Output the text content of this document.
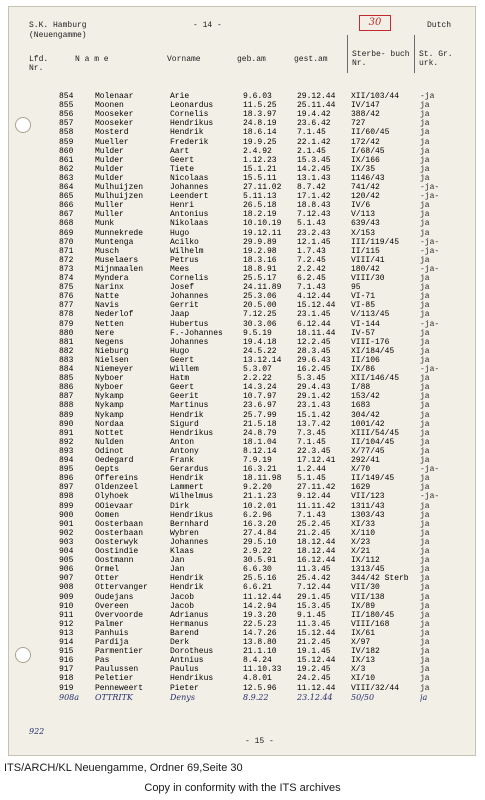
S.K. Hamburg
(Neuengamme)
- 14 -	30	Dutch
Lfd. Nr.
N a m e	Vorname	geb.am	gest.am
Sterbe- buch Nr.
St. Gr. urk.
854	Molenaar	Arie	9.6.03	29.12.44	XII/103/44	-ja
855	Moonen	Leonardus	11.5.25	25.11.44	IV/147	ja
856	Mooseker	Cornelis	18.3.97	19.4.42	388/42	ja
857	Mooseker	Hendrikus	24.8.19	23.6.42	727	ja
858	Mosterd	Hendrik	18.6.14	7.1.45	II/60/45	ja
859	Mueller	Frederik	19.9.25	22.1.42	172/42	ja
860	Mulder	Aart	2.4.92	2.1.45	I/68/45	ja
861	Mulder	Geert	1.12.23	15.3.45	IX/166	ja
862	Mulder	Tiete	15.1.21	14.2.45	IX/35	ja
863	Mulder	Nicolaas	15.5.11	13.1.43	1146/43	ja
864	Mulhuijzen	Johannes	27.11.02	8.7.42	741/42	-ja-
865	Mulhuijzen	Leendert	5.11.13	17.1.42	120/42	-ja-
866	Muller	Henri	26.5.18	18.8.43	IV/6	ja
867	Muller	Antonius	18.2.19	7.12.43	V/113	ja
868	Munk	Nikolaas	10.10.19	5.1.43	639/43	ja
869	Munnekrede	Hugo	19.12.11	23.2.43	X/153	ja
870	Muntenga	Acilko	29.9.89	12.1.45	III/119/45	-ja-
871	Musch	Wilhelm	19.2.98	1.7.43	II/115	-ja-
872	Muselaers	Petrus	18.3.16	7.2.45	VIII/41	ja
873	Mijnmaalen	Mees	18.8.91	2.2.42	180/42	-ja-
874	Myndera	Cornelis	25.5.17	6.2.45	VIII/30	ja
875	Narinx	Josef	24.11.89	7.1.43	95	ja
876	Natte	Johannes	25.3.06	4.12.44	VI-71	ja
877	Navis	Gerrit	20.5.00	15.12.44	VI-85	ja
878	Nederlof	Jaap	7.12.25	23.1.45	V/113/45	ja
879	Netten	Hubertus	30.3.06	6.12.44	VI-144	-ja-
880	Nere	F.-Johannes	9.5.19	18.11.44	IV-57	ja
881	Negens	Johannes	19.4.18	12.2.45	VIII-176	ja
882	Nieburg	Hugo	24.5.22	28.3.45	XI/184/45	ja
883	Nielsen	Geert	13.12.14	29.6.43	II/106	ja
884	Niemeyer	Willem	5.3.07	16.2.45	IX/86	-ja-
885	Nyboer	Hatm	2.2.22	5.3.45	XII/146/45	ja
886	Nyboer	Geert	14.3.24	29.4.43	I/88	ja
887	Nykamp	Geerit	10.7.97	29.1.42	153/42	ja
888	Nykamp	Martinus	23.6.97	23.1.43	1683	ja
889	Nykamp	Hendrik	25.7.99	15.1.42	304/42	ja
890	Nordaa	Sigurd	21.5.18	13.7.42	1001/42	ja
891	Nottet	Hendrikus	24.8.79	7.3.45	XIII/54/45	ja
892	Nulden	Anton	18.1.04	7.1.45	II/104/45	ja
893	Odinot	Antony	8.12.14	22.3.45	X/77/45	ja
894	Oedegard	Frank	7.9.19	17.12.41	292/41	ja
895	Oepts	Gerardus	16.3.21	1.2.44	X/70	-ja-
896	Offereins	Hendrik	18.11.98	5.1.45	II/149/45	ja
897	Oldenzeel	Lammert	9.2.20	27.11.42	1629	ja
898	Olyhoek	Wilhelmus	21.1.23	9.12.44	VII/123	-ja-
899	OOievaar	Dirk	10.2.01	11.11.42	1311/43	ja
900	Oomen	Hendrikus	6.2.96	7.1.43	1303/43	ja
901	Oosterbaan	Bernhard	16.3.20	25.2.45	XI/33	ja
902	Oosterbaan	Wybren	27.4.84	21.2.45	X/110	ja
903	Oosterwyk	Johannes	29.5.10	18.12.44	X/23	ja
904	Oostindie	Klaas	2.9.22	18.12.44	X/21	ja
905	Oostmann	Jan	30.5.91	16.12.44	IX/112	ja
906	Ormel	Jan	6.6.30	11.3.45	1313/45	ja
907	Otter	Hendrik	25.5.16	25.4.42	344/42 Sterb	ja
908	Ottervanger	Hendrik	6.6.21	7.12.44	VII/30	ja
909	Oudejans	Jacob	11.12.44	29.1.45	VII/138	ja
910	Overeen	Jacob	14.2.94	15.3.45	IX/89	ja
911	Overvoorde	Adrianus	19.3.20	9.1.45	II/180/45	ja
912	Palmer	Hermanus	22.5.23	11.3.45	VIII/168	ja
913	Panhuis	Barend	14.7.26	15.12.44	IX/61	ja
914	Pardija	Derk	13.8.80	21.2.45	X/97	ja
915	Parmentier	Dorotheus	21.1.10	19.1.45	IV/182	ja
916	Pas	Antnius	8.4.24	15.12.44	IX/13	ja
917	Paulussen	Paulus	11.10.33	19.2.45	X/3	ja
918	Peletier	Hendrikus	4.8.01	24.2.45	XI/10	ja
919	Penneweert	Pieter	12.5.96	11.12.44	VIII/32/44	ja
908a	OTTRITK	Denys	8.9.22	23.12.44	50/50	ja
922
- 15 -
ITS/ARCH/KL Neuengamme, Ordner 69,Seite 30
Copy in conformity with the ITS archives
